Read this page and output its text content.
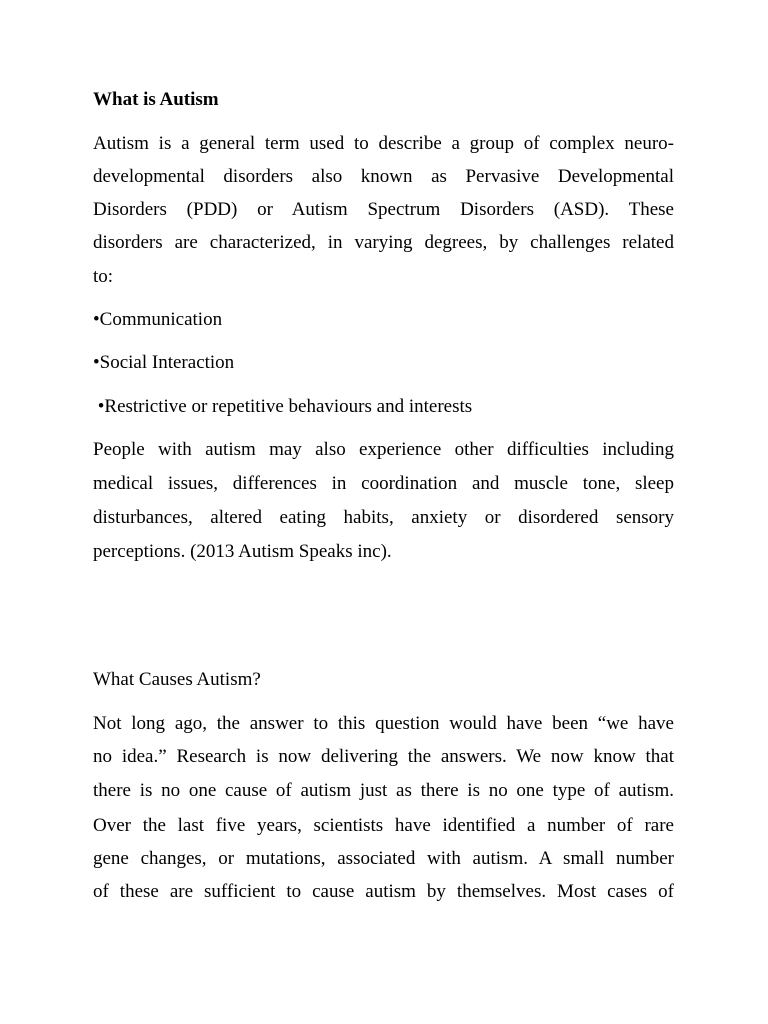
What is Autism
Autism is a general term used to describe a group of complex neuro-
developmental disorders also known as Pervasive Developmental
Disorders (PDD) or Autism Spectrum Disorders (ASD). These
disorders are characterized, in varying degrees, by challenges related
to:
•Communication
•Social Interaction
•Restrictive or repetitive behaviours and interests
People with autism may also experience other difficulties including
medical issues, differences in coordination and muscle tone, sleep
disturbances, altered eating habits, anxiety or disordered sensory
perceptions. (2013 Autism Speaks inc).
What Causes Autism?
Not long ago, the answer to this question would have been “we have
no idea.” Research is now delivering the answers. We now know that
there is no one cause of autism just as there is no one type of autism.
Over the last five years, scientists have identified a number of rare
gene changes, or mutations, associated with autism. A small number
of these are sufficient to cause autism by themselves. Most cases of
